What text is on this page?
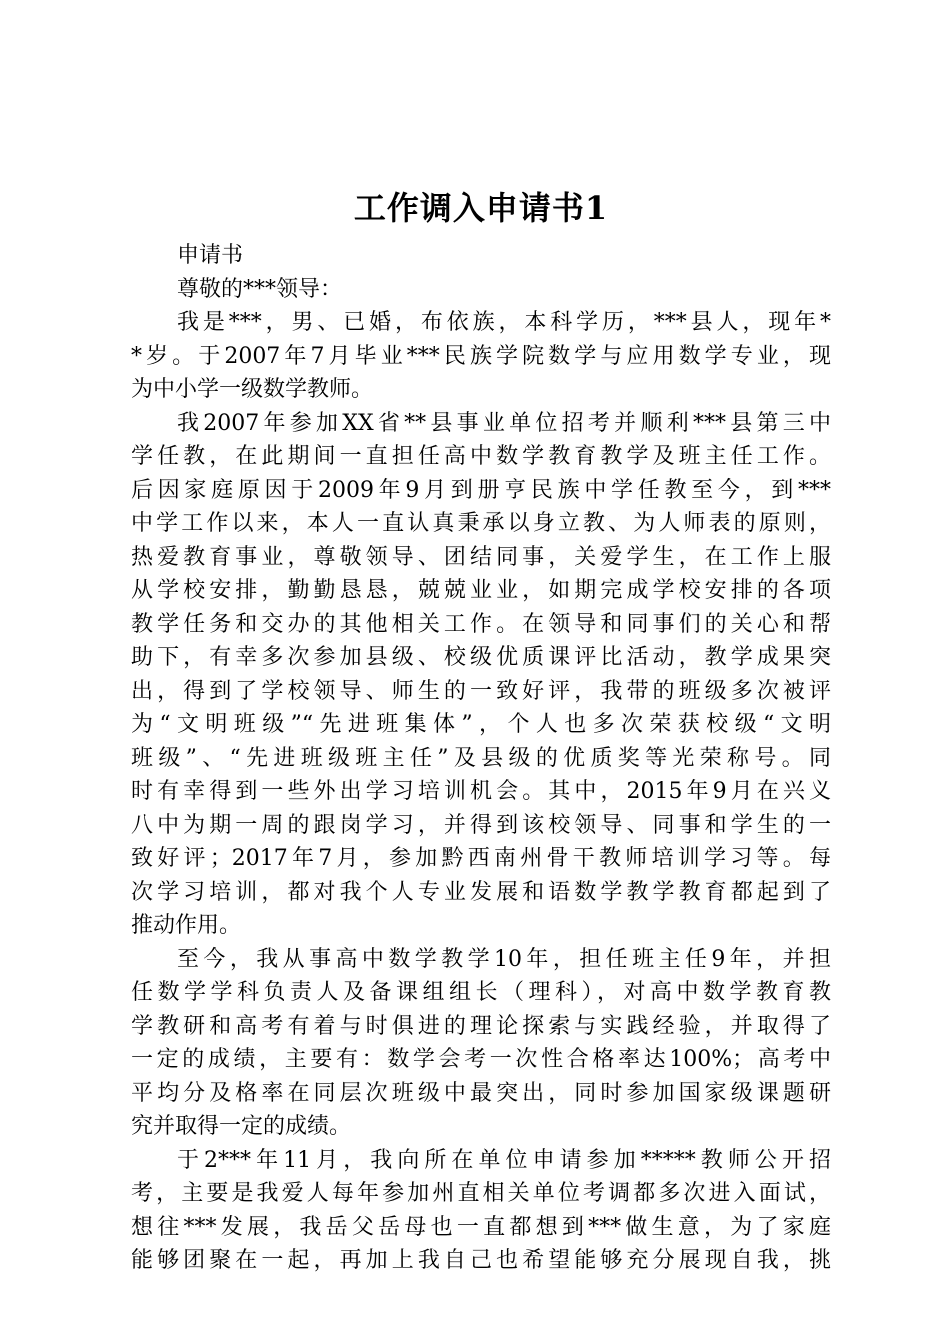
工作调入申请书1

申请书

尊敬的***领导：

我是***，男、已婚，布依族，本科学历，***县人，现年*

*岁。于2007年7月毕业***民族学院数学与应用数学专业，现

为中小学一级数学教师。

我2007年参加XX省**县事业单位招考并顺利***县第三中

学任教，在此期间一直担任高中数学教育教学及班主任工作。

后因家庭原因于2009年9月到册亨民族中学任教至今，到***

中学工作以来，本人一直认真秉承以身立教、为人师表的原则，

热爱教育事业，尊敬领导、团结同事，关爱学生，在工作上服

从学校安排，勤勤恳恳，兢兢业业，如期完成学校安排的各项

教学任务和交办的其他相关工作。在领导和同事们的关心和帮

助下，有幸多次参加县级、校级优质课评比活动，教学成果突

出，得到了学校领导、师生的一致好评，我带的班级多次被评

为“文明班级”“先进班集体”，个人也多次荣获校级“文明

班级”、“先进班级班主任”及县级的优质奖等光荣称号。同

时有幸得到一些外出学习培训机会。其中，2015年9月在兴义

八中为期一周的跟岗学习，并得到该校领导、同事和学生的一

致好评；2017年7月，参加黔西南州骨干教师培训学习等。每

次学习培训，都对我个人专业发展和语数学教学教育都起到了

推动作用。

至今，我从事高中数学教学10年，担任班主任9年，并担

任数学学科负责人及备课组组长（理科），对高中数学教育教

学教研和高考有着与时俱进的理论探索与实践经验，并取得了

一定的成绩，主要有：数学会考一次性合格率达100%；高考中

平均分及格率在同层次班级中最突出，同时参加国家级课题研

究并取得一定的成绩。

于2***年11月，我向所在单位申请参加*****教师公开招

考，主要是我爱人每年参加州直相关单位考调都多次进入面试，

想往***发展，我岳父岳母也一直都想到***做生意，为了家庭

能够团聚在一起，再加上我自己也希望能够充分展现自我，挑
